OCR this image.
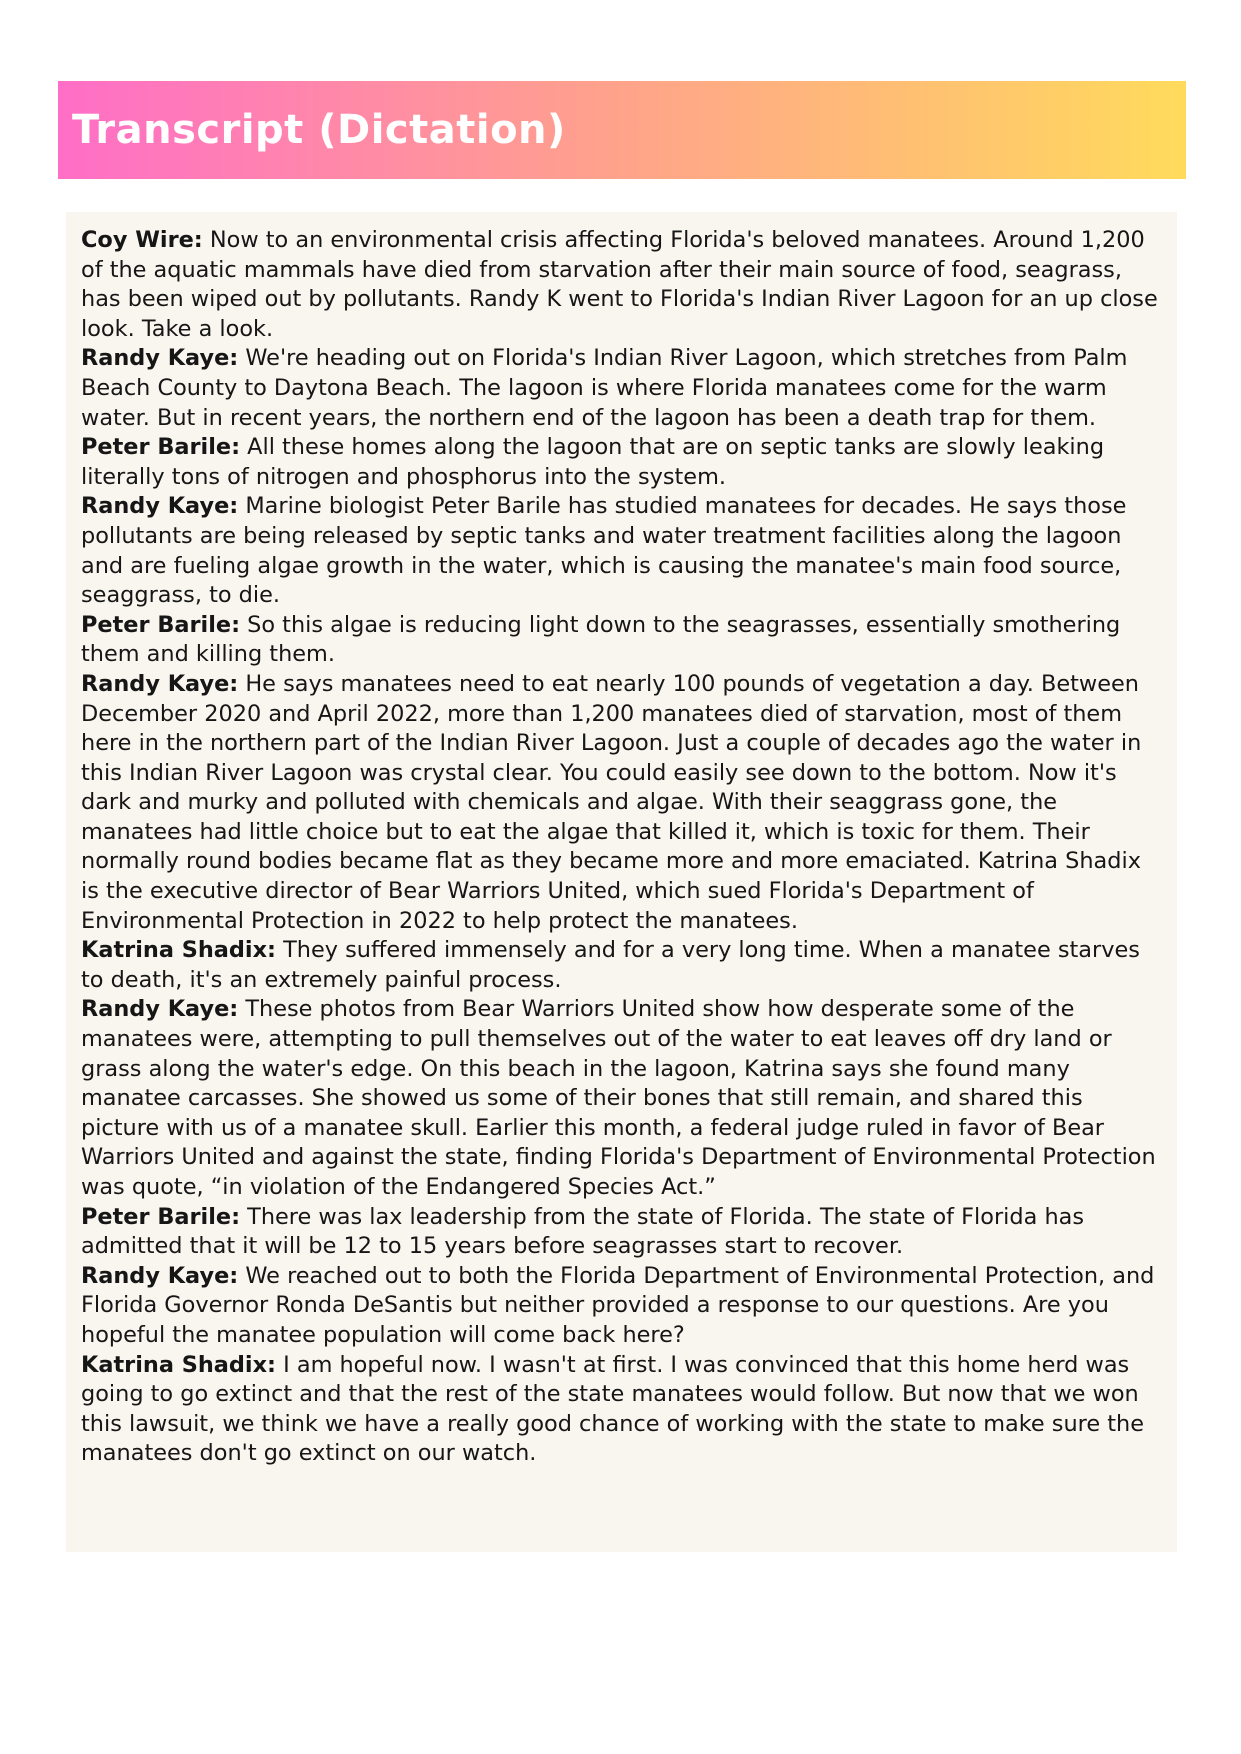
Transcript (Dictation)

Coy Wire: Now to an environmental crisis affecting Florida's beloved manatees. Around 1,200 of the aquatic mammals have died from starvation after their main source of food, seagrass, has been wiped out by pollutants. Randy K went to Florida's Indian River Lagoon for an up close look. Take a look.

Randy Kaye: We're heading out on Florida's Indian River Lagoon, which stretches from Palm Beach County to Daytona Beach. The lagoon is where Florida manatees come for the warm water. But in recent years, the northern end of the lagoon has been a death trap for them.

Peter Barile: All these homes along the lagoon that are on septic tanks are slowly leaking literally tons of nitrogen and phosphorus into the system.

Randy Kaye: Marine biologist Peter Barile has studied manatees for decades. He says those pollutants are being released by septic tanks and water treatment facilities along the lagoon and are fueling algae growth in the water, which is causing the manatee's main food source, seaggrass, to die.

Peter Barile: So this algae is reducing light down to the seagrasses, essentially smothering them and killing them.

Randy Kaye: He says manatees need to eat nearly 100 pounds of vegetation a day. Between December 2020 and April 2022, more than 1,200 manatees died of starvation, most of them here in the northern part of the Indian River Lagoon. Just a couple of decades ago the water in this Indian River Lagoon was crystal clear. You could easily see down to the bottom. Now it's dark and murky and polluted with chemicals and algae. With their seaggrass gone, the manatees had little choice but to eat the algae that killed it, which is toxic for them. Their normally round bodies became flat as they became more and more emaciated. Katrina Shadix is the executive director of Bear Warriors United, which sued Florida's Department of Environmental Protection in 2022 to help protect the manatees.

Katrina Shadix: They suffered immensely and for a very long time. When a manatee starves to death, it's an extremely painful process.

Randy Kaye: These photos from Bear Warriors United show how desperate some of the manatees were, attempting to pull themselves out of the water to eat leaves off dry land or grass along the water's edge. On this beach in the lagoon, Katrina says she found many manatee carcasses. She showed us some of their bones that still remain, and shared this picture with us of a manatee skull. Earlier this month, a federal judge ruled in favor of Bear Warriors United and against the state, finding Florida's Department of Environmental Protection was quote, “in violation of the Endangered Species Act.”

Peter Barile: There was lax leadership from the state of Florida. The state of Florida has admitted that it will be 12 to 15 years before seagrasses start to recover.

Randy Kaye: We reached out to both the Florida Department of Environmental Protection, and Florida Governor Ronda DeSantis but neither provided a response to our questions. Are you hopeful the manatee population will come back here?

Katrina Shadix: I am hopeful now. I wasn't at first. I was convinced that this home herd was going to go extinct and that the rest of the state manatees would follow. But now that we won this lawsuit, we think we have a really good chance of working with the state to make sure the manatees don't go extinct on our watch.
